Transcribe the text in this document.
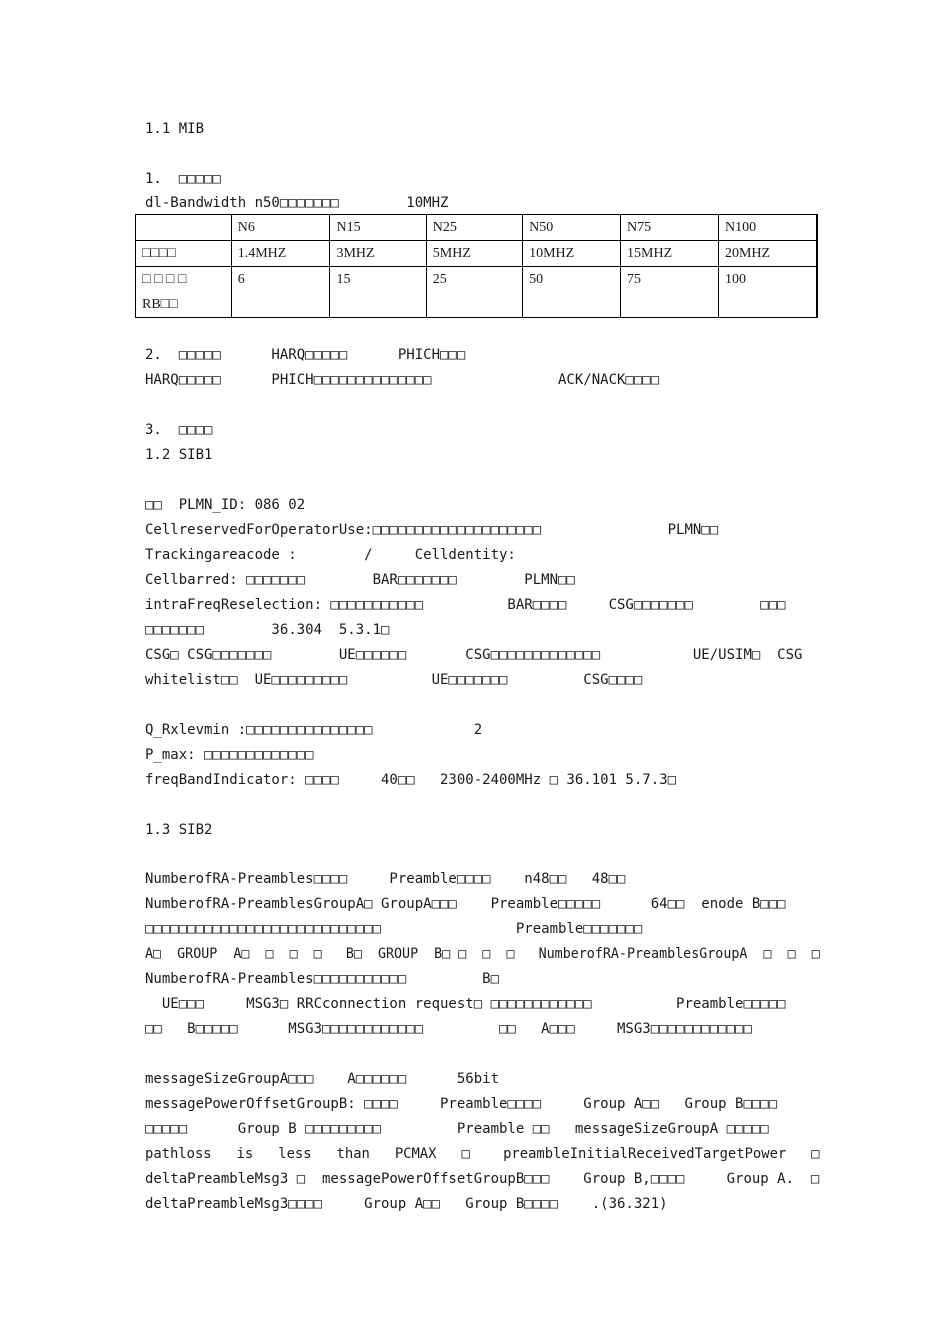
1.1 MIB
1.  □□□□□
dl-Bandwidth n50□□□□□□□        10MHZ
	N6	N15	N25	N50	N75	N100
□□□□	1.4MHZ	3MHZ	5MHZ	10MHZ	15MHZ	20MHZ

□ □ □ □
RB□□	6	15	25	50	75	100
2.  □□□□□      HARQ□□□□□      PHICH□□□
HARQ□□□□□      PHICH□□□□□□□□□□□□□□               ACK/NACK□□□□
3.  □□□□
1.2 SIB1
□□  PLMN_ID: 086 02
CellreservedForOperatorUse:□□□□□□□□□□□□□□□□□□□□               PLMN□□
Trackingareacode :        /     Celldentity:
Cellbarred: □□□□□□□        BAR□□□□□□□        PLMN□□
intraFreqReselection: □□□□□□□□□□□          BAR□□□□     CSG□□□□□□□        □□□
□□□□□□□        36.304  5.3.1□
CSG□ CSG□□□□□□□        UE□□□□□□       CSG□□□□□□□□□□□□□           UE/USIM□  CSG
whitelist□□  UE□□□□□□□□□          UE□□□□□□□         CSG□□□□
Q_Rxlevmin :□□□□□□□□□□□□□□□            2
P_max: □□□□□□□□□□□□□
freqBandIndicator: □□□□     40□□   2300-2400MHz □ 36.101 5.7.3□
1.3 SIB2
NumberofRA-Preambles□□□□     Preamble□□□□    n48□□   48□□
NumberofRA-PreamblesGroupA□ GroupA□□□    Preamble□□□□□      64□□  enode B□□□
□□□□□□□□□□□□□□□□□□□□□□□□□□□□                Preamble□□□□□□□
A□  GROUP  A□  □  □  □   B□  GROUP  B□ □  □  □   NumberofRA-PreamblesGroupA  □  □  □
NumberofRA-Preambles□□□□□□□□□□□         B□
UE□□□     MSG3□ RRCconnection request□ □□□□□□□□□□□□          Preamble□□□□□
□□   B□□□□□      MSG3□□□□□□□□□□□□         □□   A□□□     MSG3□□□□□□□□□□□□
messageSizeGroupA□□□    A□□□□□□      56bit
messagePowerOffsetGroupB: □□□□     Preamble□□□□     Group A□□   Group B□□□□
□□□□□      Group B □□□□□□□□□         Preamble □□   messageSizeGroupA □□□□□
pathloss   is   less   than   PCMAX   □    preambleInitialReceivedTargetPower   □
deltaPreambleMsg3 □  messagePowerOffsetGroupB□□□    Group B,□□□□     Group A.  □
deltaPreambleMsg3□□□□     Group A□□   Group B□□□□    .(36.321)
